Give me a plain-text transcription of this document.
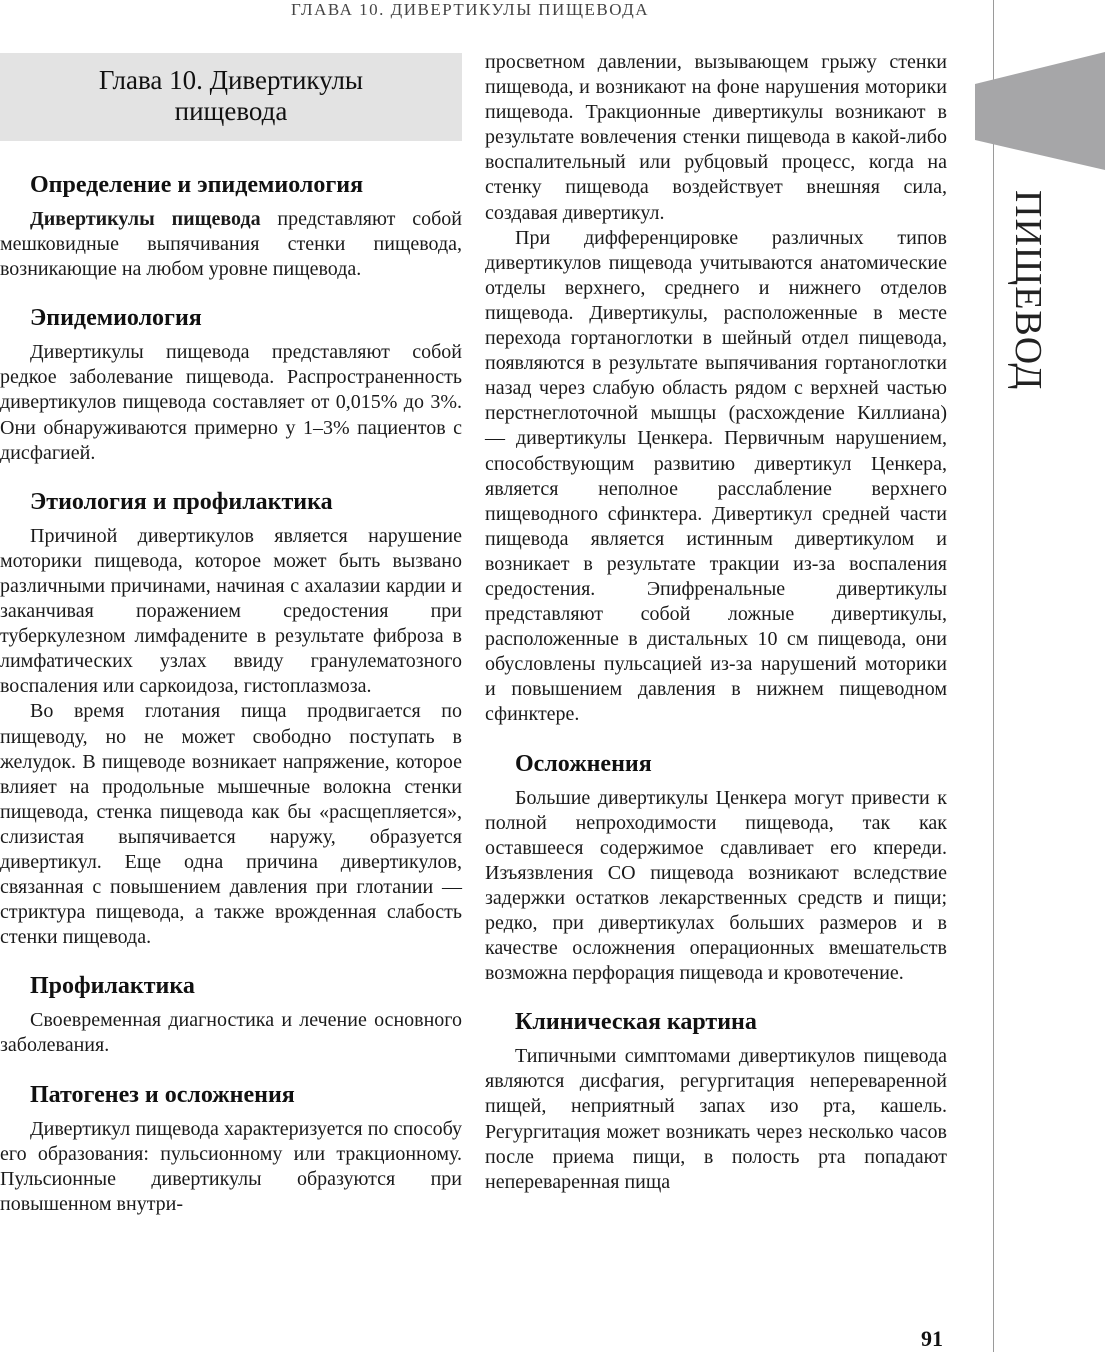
ГЛАВА 10. ДИВЕРТИКУЛЫ ПИЩЕВОДА
Глава 10. Дивертикулы
пищевода
Определение и эпидемиология

Дивертикулы пищевода представляют собой мешковидные выпячивания стенки пищевода, возникающие на любом уровне пищевода.

Эпидемиология

Дивертикулы пищевода представляют собой редкое заболевание пищевода. Распространенность дивертикулов пищевода составляет от 0,015% до 3%. Они обнаруживаются примерно у 1–3% пациентов с дисфагией.

Этиология и профилактика

Причиной дивертикулов является нарушение моторики пищевода, которое может быть вызвано различными причинами, начиная с ахалазии кардии и заканчивая поражением средостения при туберкулезном лимфадените в результате фиброза в лимфатических узлах ввиду гранулематозного воспаления или саркоидоза, гистоплазмоза.

Во время глотания пища продвигается по пищеводу, но не может свободно поступать в желудок. В пищеводе возникает напряжение, которое влияет на продольные мышечные волокна стенки пищевода, стенка пищевода как бы «расщепляется», слизистая выпячивается наружу, образуется дивертикул. Еще одна причина дивертикулов, связанная с повышением давления при глотании — стриктура пищевода, а также врожденная слабость стенки пищевода.

Профилактика

Своевременная диагностика и лечение основного заболевания.

Патогенез и осложнения

Дивертикул пищевода характеризуется по способу его образования: пульсионному или тракционному. Пульсионные дивертикулы образуются при повышенном внутри-

просветном давлении, вызывающем грыжу стенки пищевода, и возникают на фоне нарушения моторики пищевода. Тракционные дивертикулы возникают в результате вовлечения стенки пищевода в какой-либо воспалительный или рубцовый процесс, когда на стенку пищевода воздействует внешняя сила, создавая дивертикул.

При дифференцировке различных типов дивертикулов пищевода учитываются анатомические отделы верхнего, среднего и нижнего отделов пищевода. Дивертикулы, расположенные в месте перехода гортаноглотки в шейный отдел пищевода, появляются в результате выпячивания гортаноглотки назад через слабую область рядом с верхней частью перстнеглоточной мышцы (расхождение Киллиана) — дивертикулы Ценкера. Первичным нарушением, способствующим развитию дивертикул Ценкера, является неполное расслабление верхнего пищеводного сфинктера. Дивертикул средней части пищевода является истинным дивертикулом и возникает в результате тракции из-за воспаления средостения. Эпифренальные дивертикулы представляют собой ложные дивертикулы, расположенные в дистальных 10 см пищевода, они обусловлены пульсацией из-за нарушений моторики и повышением давления в нижнем пищеводном сфинктере.

Осложнения

Большие дивертикулы Ценкера могут привести к полной непроходимости пищевода, так как оставшееся содержимое сдавливает его кпереди. Изъязвления СО пищевода возникают вследствие задержки остатков лекарственных средств и пищи; редко, при дивертикулах больших размеров и в качестве осложнения операционных вмешательств возможна перфорация пищевода и кровотечение.

Клиническая картина

Типичными симптомами дивертикулов пищевода являются дисфагия, регургитация непереваренной пищей, неприятный запах изо рта, кашель. Регургитация может возникать через несколько часов после приема пищи, в полость рта попадают непереваренная пища

ПИЩЕВОД
91
